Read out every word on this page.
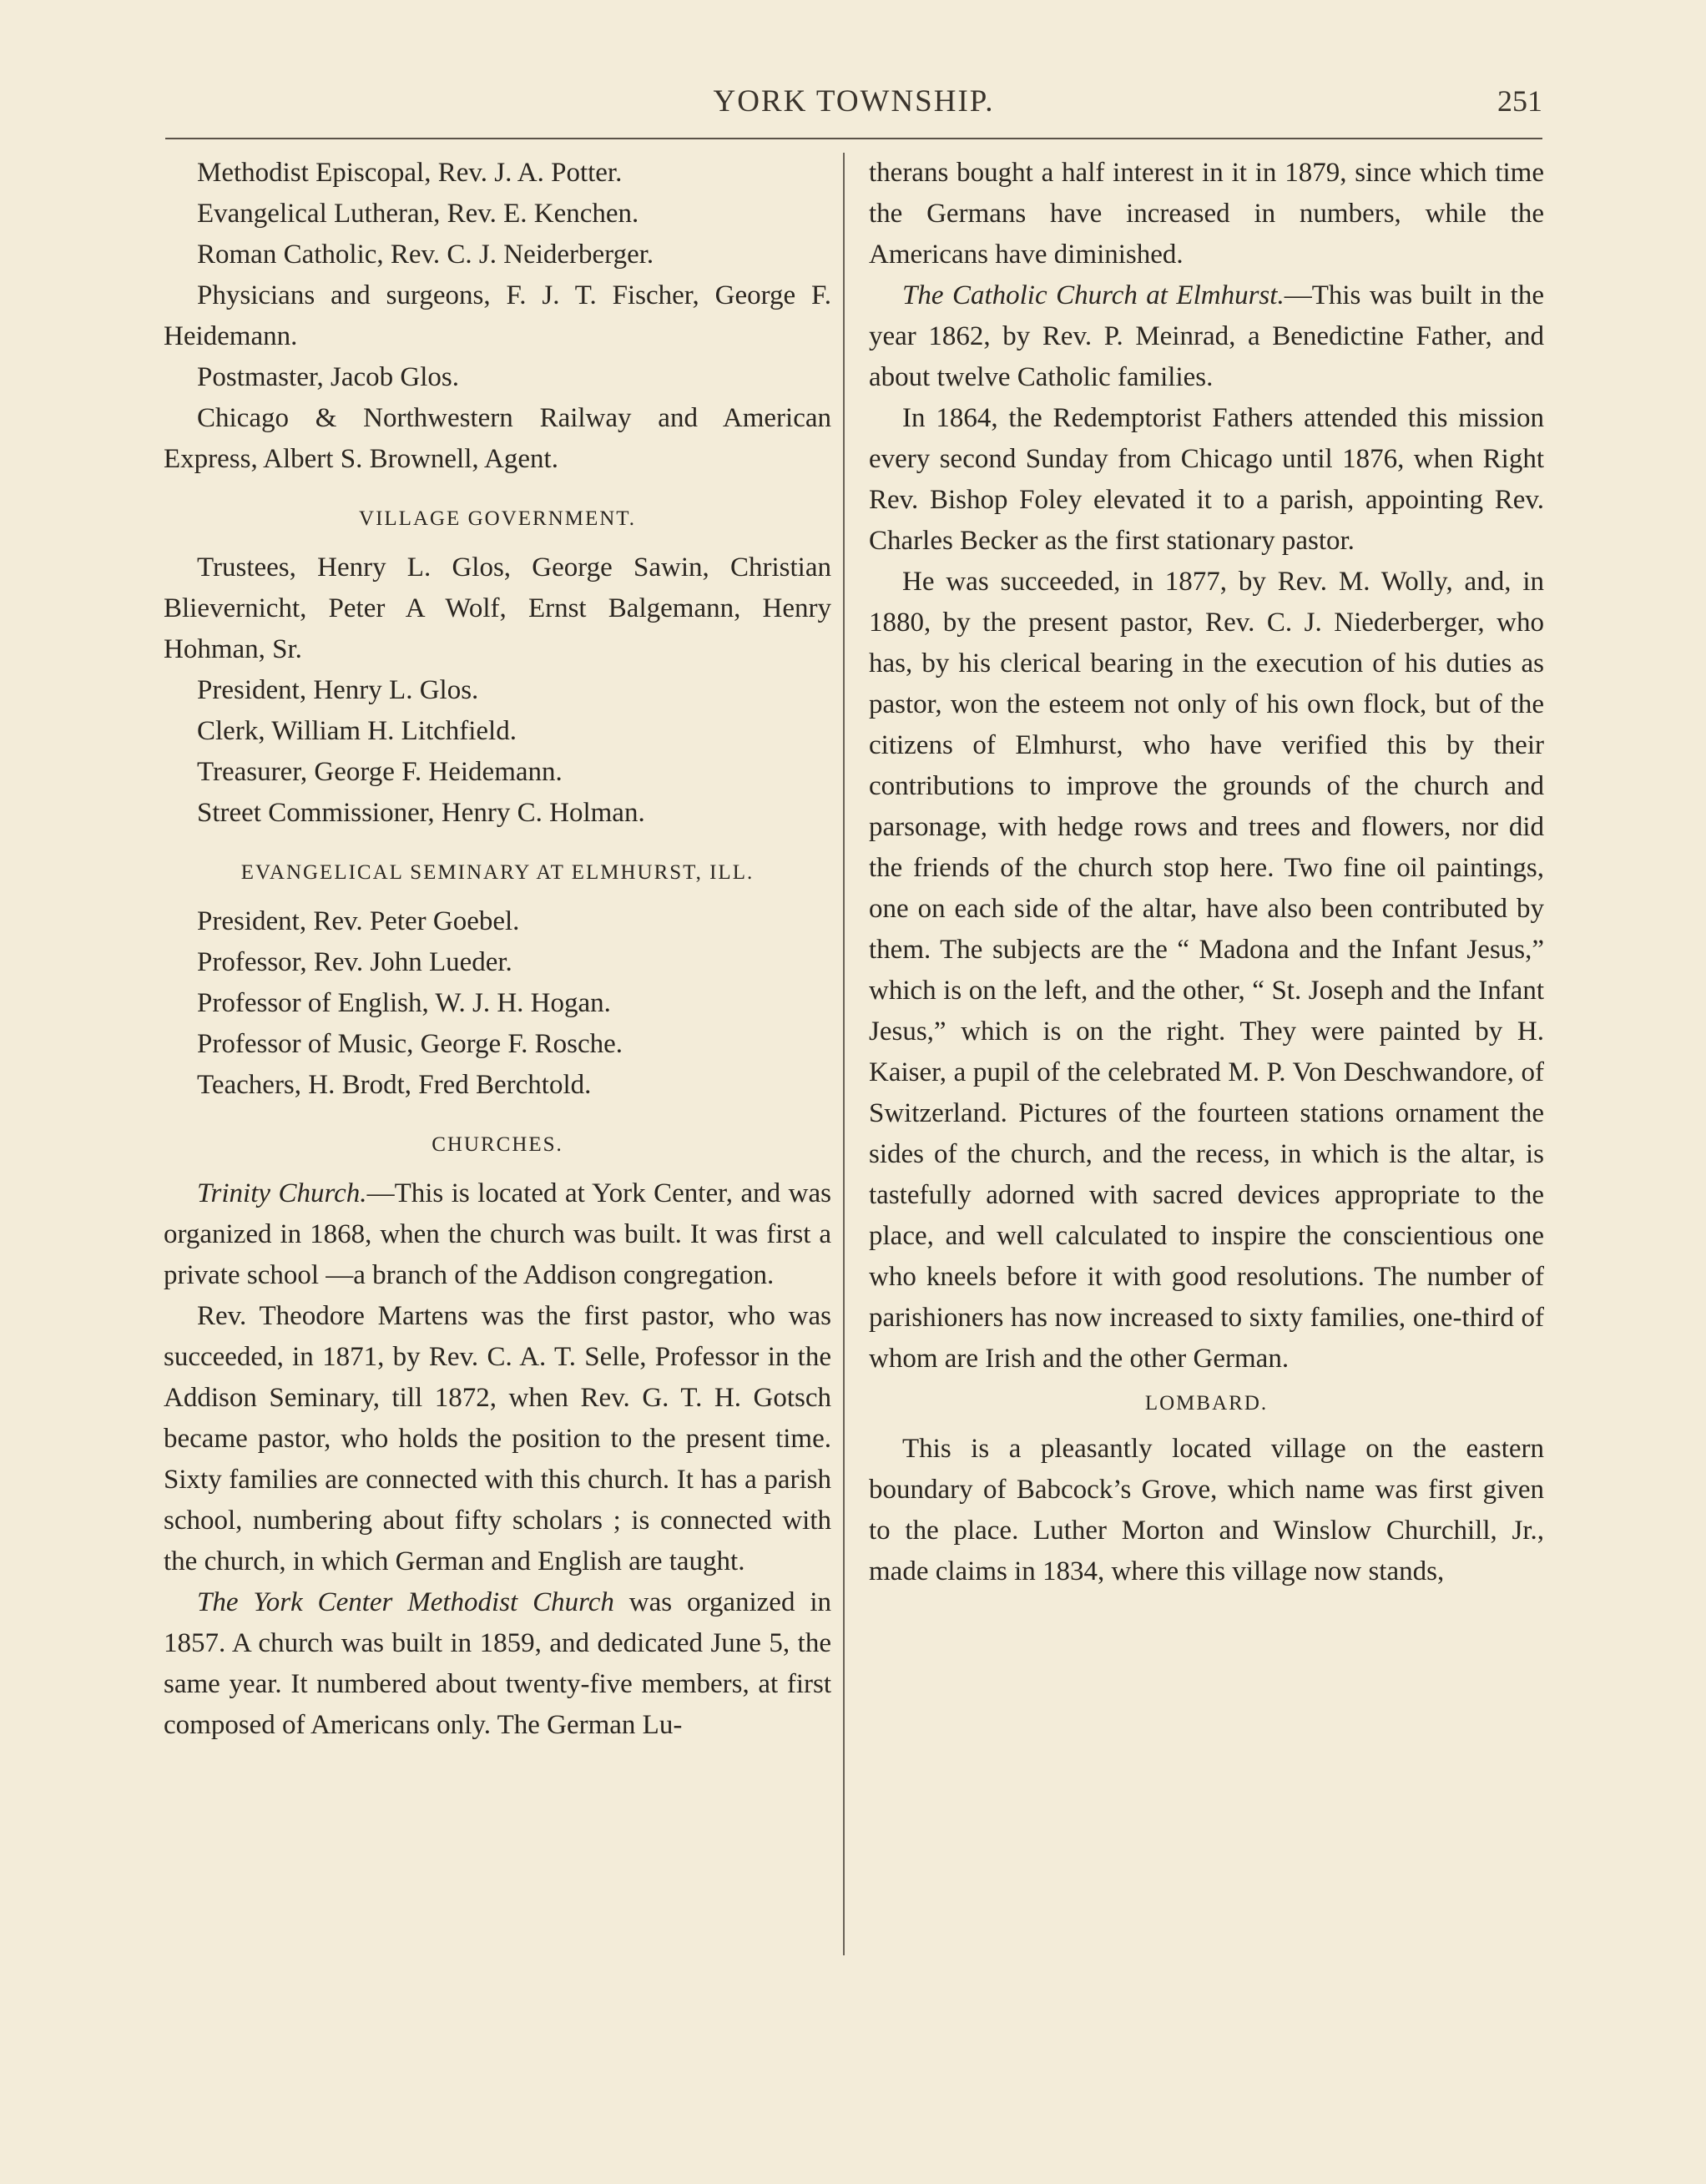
YORK TOWNSHIP.	251

Methodist Episcopal, Rev. J. A. Potter.

Evangelical Lutheran, Rev. E. Kenchen.

Roman Catholic, Rev. C. J. Neiderberger.

Physicians and surgeons, F. J. T. Fischer, George F. Heidemann.

Postmaster, Jacob Glos.

Chicago & Northwestern Railway and American Express, Albert S. Brownell, Agent.

VILLAGE GOVERNMENT.

Trustees, Henry L. Glos, George Sawin, Christian Blievernicht, Peter A Wolf, Ernst Balgemann, Henry Hohman, Sr.

President, Henry L. Glos.

Clerk, William H. Litchfield.

Treasurer, George F. Heidemann.

Street Commissioner, Henry C. Holman.

EVANGELICAL SEMINARY AT ELMHURST, ILL.

President, Rev. Peter Goebel.

Professor, Rev. John Lueder.

Professor of English, W. J. H. Hogan.

Professor of Music, George F. Rosche.

Teachers, H. Brodt, Fred Berchtold.

CHURCHES.

Trinity Church.—This is located at York Center, and was organized in 1868, when the church was built. It was first a private school —a branch of the Addison congregation.

Rev. Theodore Martens was the first pastor, who was succeeded, in 1871, by Rev. C. A. T. Selle, Professor in the Addison Seminary, till 1872, when Rev. G. T. H. Gotsch became pastor, who holds the position to the present time. Sixty families are connected with this church. It has a parish school, numbering about fifty scholars ; is connected with the church, in which German and English are taught.

The York Center Methodist Church was organized in 1857. A church was built in 1859, and dedicated June 5, the same year. It numbered about twenty-five members, at first composed of Americans only. The German Lu-

therans bought a half interest in it in 1879, since which time the Germans have increased in numbers, while the Americans have diminished.

The Catholic Church at Elmhurst.—This was built in the year 1862, by Rev. P. Meinrad, a Benedictine Father, and about twelve Catholic families.

In 1864, the Redemptorist Fathers attended this mission every second Sunday from Chicago until 1876, when Right Rev. Bishop Foley elevated it to a parish, appointing Rev. Charles Becker as the first stationary pastor.

He was succeeded, in 1877, by Rev. M. Wolly, and, in 1880, by the present pastor, Rev. C. J. Niederberger, who has, by his clerical bearing in the execution of his duties as pastor, won the esteem not only of his own flock, but of the citizens of Elmhurst, who have verified this by their contributions to improve the grounds of the church and parsonage, with hedge rows and trees and flowers, nor did the friends of the church stop here. Two fine oil paintings, one on each side of the altar, have also been contributed by them. The subjects are the “ Madona and the Infant Jesus,” which is on the left, and the other, “ St. Joseph and the Infant Jesus,” which is on the right. They were painted by H. Kaiser, a pupil of the celebrated M. P. Von Deschwandore, of Switzerland. Pictures of the fourteen stations ornament the sides of the church, and the recess, in which is the altar, is tastefully adorned with sacred devices appropriate to the place, and well calculated to inspire the conscientious one who kneels before it with good resolutions. The number of parishioners has now increased to sixty families, one-third of whom are Irish and the other German.

LOMBARD.

This is a pleasantly located village on the eastern boundary of Babcock’s Grove, which name was first given to the place. Luther Morton and Winslow Churchill, Jr., made claims in 1834, where this village now stands,
